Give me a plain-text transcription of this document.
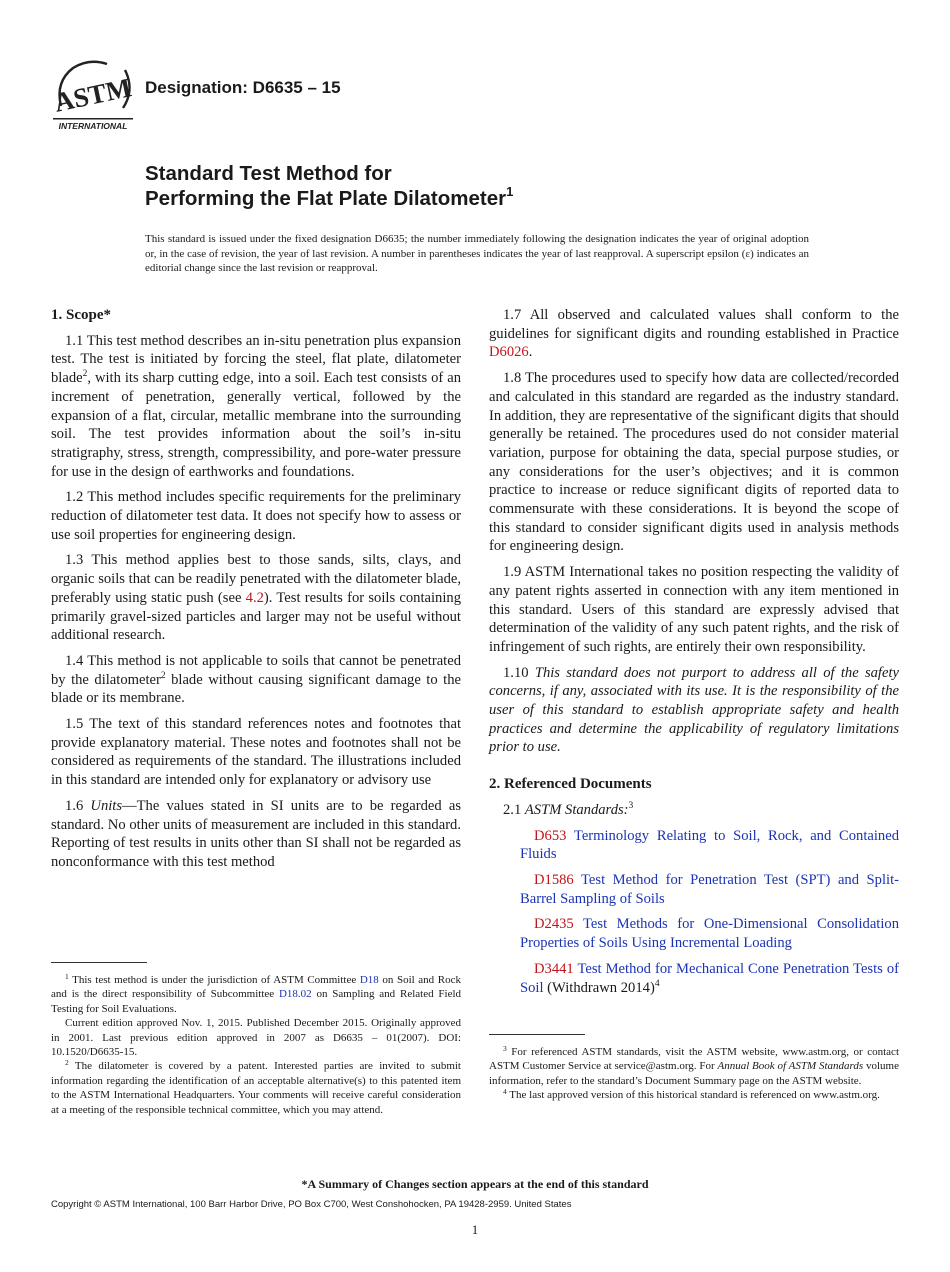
ASTM
INTERNATIONAL
Designation: D6635 – 15
Standard Test Method for
Performing the Flat Plate Dilatometer$^1$
This standard is issued under the fixed designation D6635; the number immediately following the designation indicates the year of original adoption or, in the case of revision, the year of last revision. A number in parentheses indicates the year of last reapproval. A superscript epsilon (ε) indicates an editorial change since the last revision or reapproval.
1. Scope*

1.1 This test method describes an in-situ penetration plus expansion test. The test is initiated by forcing the steel, flat plate, dilatometer blade$^2$, with its sharp cutting edge, into a soil. Each test consists of an increment of penetration, generally vertical, followed by the expansion of a flat, circular, metallic membrane into the surrounding soil. The test provides information about the soil’s in-situ stratigraphy, stress, strength, compressibility, and pore-water pressure for use in the design of earthworks and foundations.

1.2 This method includes specific requirements for the preliminary reduction of dilatometer test data. It does not specify how to assess or use soil properties for engineering design.

1.3 This method applies best to those sands, silts, clays, and organic soils that can be readily penetrated with the dilatometer blade, preferably using static push (see 4.2). Test results for soils containing primarily gravel-sized particles and larger may not be useful without additional research.

1.4 This method is not applicable to soils that cannot be penetrated by the dilatometer$^2$ blade without causing significant damage to the blade or its membrane.

1.5 The text of this standard references notes and footnotes that provide explanatory material. These notes and footnotes shall not be considered as requirements of the standard. The illustrations included in this standard are intended only for explanatory or advisory use

1.6 Units—The values stated in SI units are to be regarded as standard. No other units of measurement are included in this standard. Reporting of test results in units other than SI shall not be regarded as nonconformance with this test method

1.7 All observed and calculated values shall conform to the guidelines for significant digits and rounding established in Practice D6026.

1.8 The procedures used to specify how data are collected/recorded and calculated in this standard are regarded as the industry standard. In addition, they are representative of the significant digits that should generally be retained. The procedures used do not consider material variation, purpose for obtaining the data, special purpose studies, or any considerations for the user’s objectives; and it is common practice to increase or reduce significant digits of reported data to commensurate with these considerations. It is beyond the scope of this standard to consider significant digits used in analysis methods for engineering design.

1.9 ASTM International takes no position respecting the validity of any patent rights asserted in connection with any item mentioned in this standard. Users of this standard are expressly advised that determination of the validity of any such patent rights, and the risk of infringement of such rights, are entirely their own responsibility.

1.10 This standard does not purport to address all of the safety concerns, if any, associated with its use. It is the responsibility of the user of this standard to establish appropriate safety and health practices and determine the applicability of regulatory limitations prior to use.

2. Referenced Documents

2.1 ASTM Standards:$^3$

D653 Terminology Relating to Soil, Rock, and Contained Fluids

D1586 Test Method for Penetration Test (SPT) and Split-Barrel Sampling of Soils

D2435 Test Methods for One-Dimensional Consolidation Properties of Soils Using Incremental Loading

D3441 Test Method for Mechanical Cone Penetration Tests of Soil (Withdrawn 2014)$^4$

$^1$ This test method is under the jurisdiction of ASTM Committee D18 on Soil and Rock and is the direct responsibility of Subcommittee D18.02 on Sampling and Related Field Testing for Soil Evaluations.

Current edition approved Nov. 1, 2015. Published December 2015. Originally approved in 2001. Last previous edition approved in 2007 as D6635 – 01(2007). DOI: 10.1520/D6635-15.

$^2$ The dilatometer is covered by a patent. Interested parties are invited to submit information regarding the identification of an acceptable alternative(s) to this patented item to the ASTM International Headquarters. Your comments will receive careful consideration at a meeting of the responsible technical committee, which you may attend.

$^3$ For referenced ASTM standards, visit the ASTM website, www.astm.org, or contact ASTM Customer Service at service@astm.org. For Annual Book of ASTM Standards volume information, refer to the standard’s Document Summary page on the ASTM website.

$^4$ The last approved version of this historical standard is referenced on www.astm.org.

*A Summary of Changes section appears at the end of this standard
Copyright © ASTM International, 100 Barr Harbor Drive, PO Box C700, West Conshohocken, PA 19428-2959. United States
1
